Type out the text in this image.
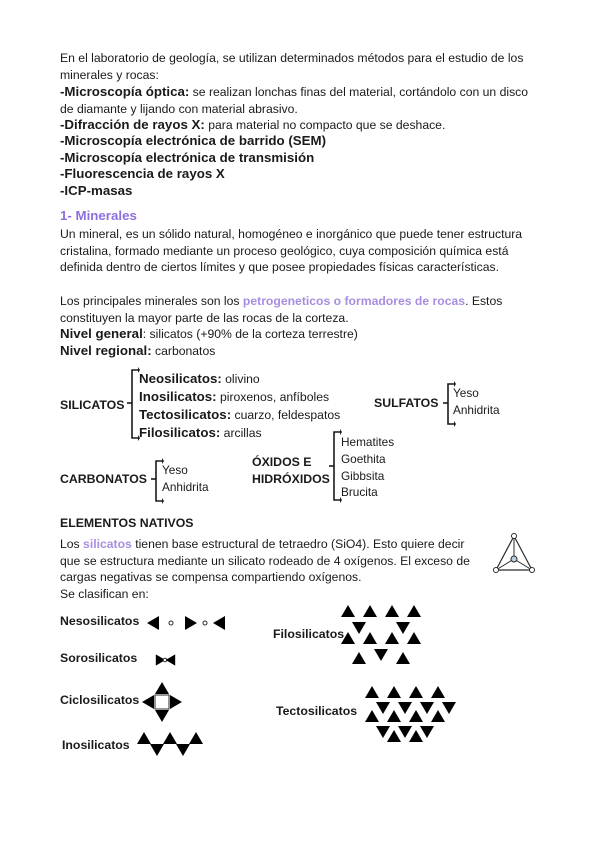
En el laboratorio de geología, se utilizan determinados métodos para el estudio de los minerales y rocas:
-Microscopía óptica: se realizan lonchas finas del material, cortándolo con un disco de diamante y lijando con material abrasivo.
-Difracción de rayos X: para material no compacto que se deshace.
-Microscopía electrónica de barrido (SEM)
-Microscopía electrónica de transmisión
-Fluorescencia de rayos X
-ICP-masas
1- Minerales
Un mineral, es un sólido natural, homogéneo e inorgánico que puede tener estructura cristalina, formado mediante un proceso geológico, cuya composición química está definida dentro de ciertos límites y que posee propiedades físicas características.
Los principales minerales son los petrogeneticos o formadores de rocas. Estos constituyen la mayor parte de las rocas de la corteza.
Nivel general: silicatos (+90% de la corteza terrestre)
Nivel regional: carbonatos
SILICATOS
Neosilicatos: olivino
Inosilicatos: piroxenos, anfíboles
Tectosilicatos: cuarzo, feldespatos
Filosilicatos: arcillas
SULFATOS
Yeso
Anhidrita
CARBONATOS
Yeso
Anhidrita
ÓXIDOS E
HIDRÓXIDOS
Hematites
Goethita
Gibbsita
Brucita
ELEMENTOS NATIVOS
Los silicatos tienen base estructural de tetraedro (SiO4). Esto quiere decir que se estructura mediante un silicato rodeado de 4 oxígenos. El exceso de cargas negativas se compensa compartiendo oxígenos.
Se clasifican en:
Nesosilicatos
Sorosilicatos
Ciclosilicatos
Inosilicatos
Filosilicatos
Tectosilicatos
